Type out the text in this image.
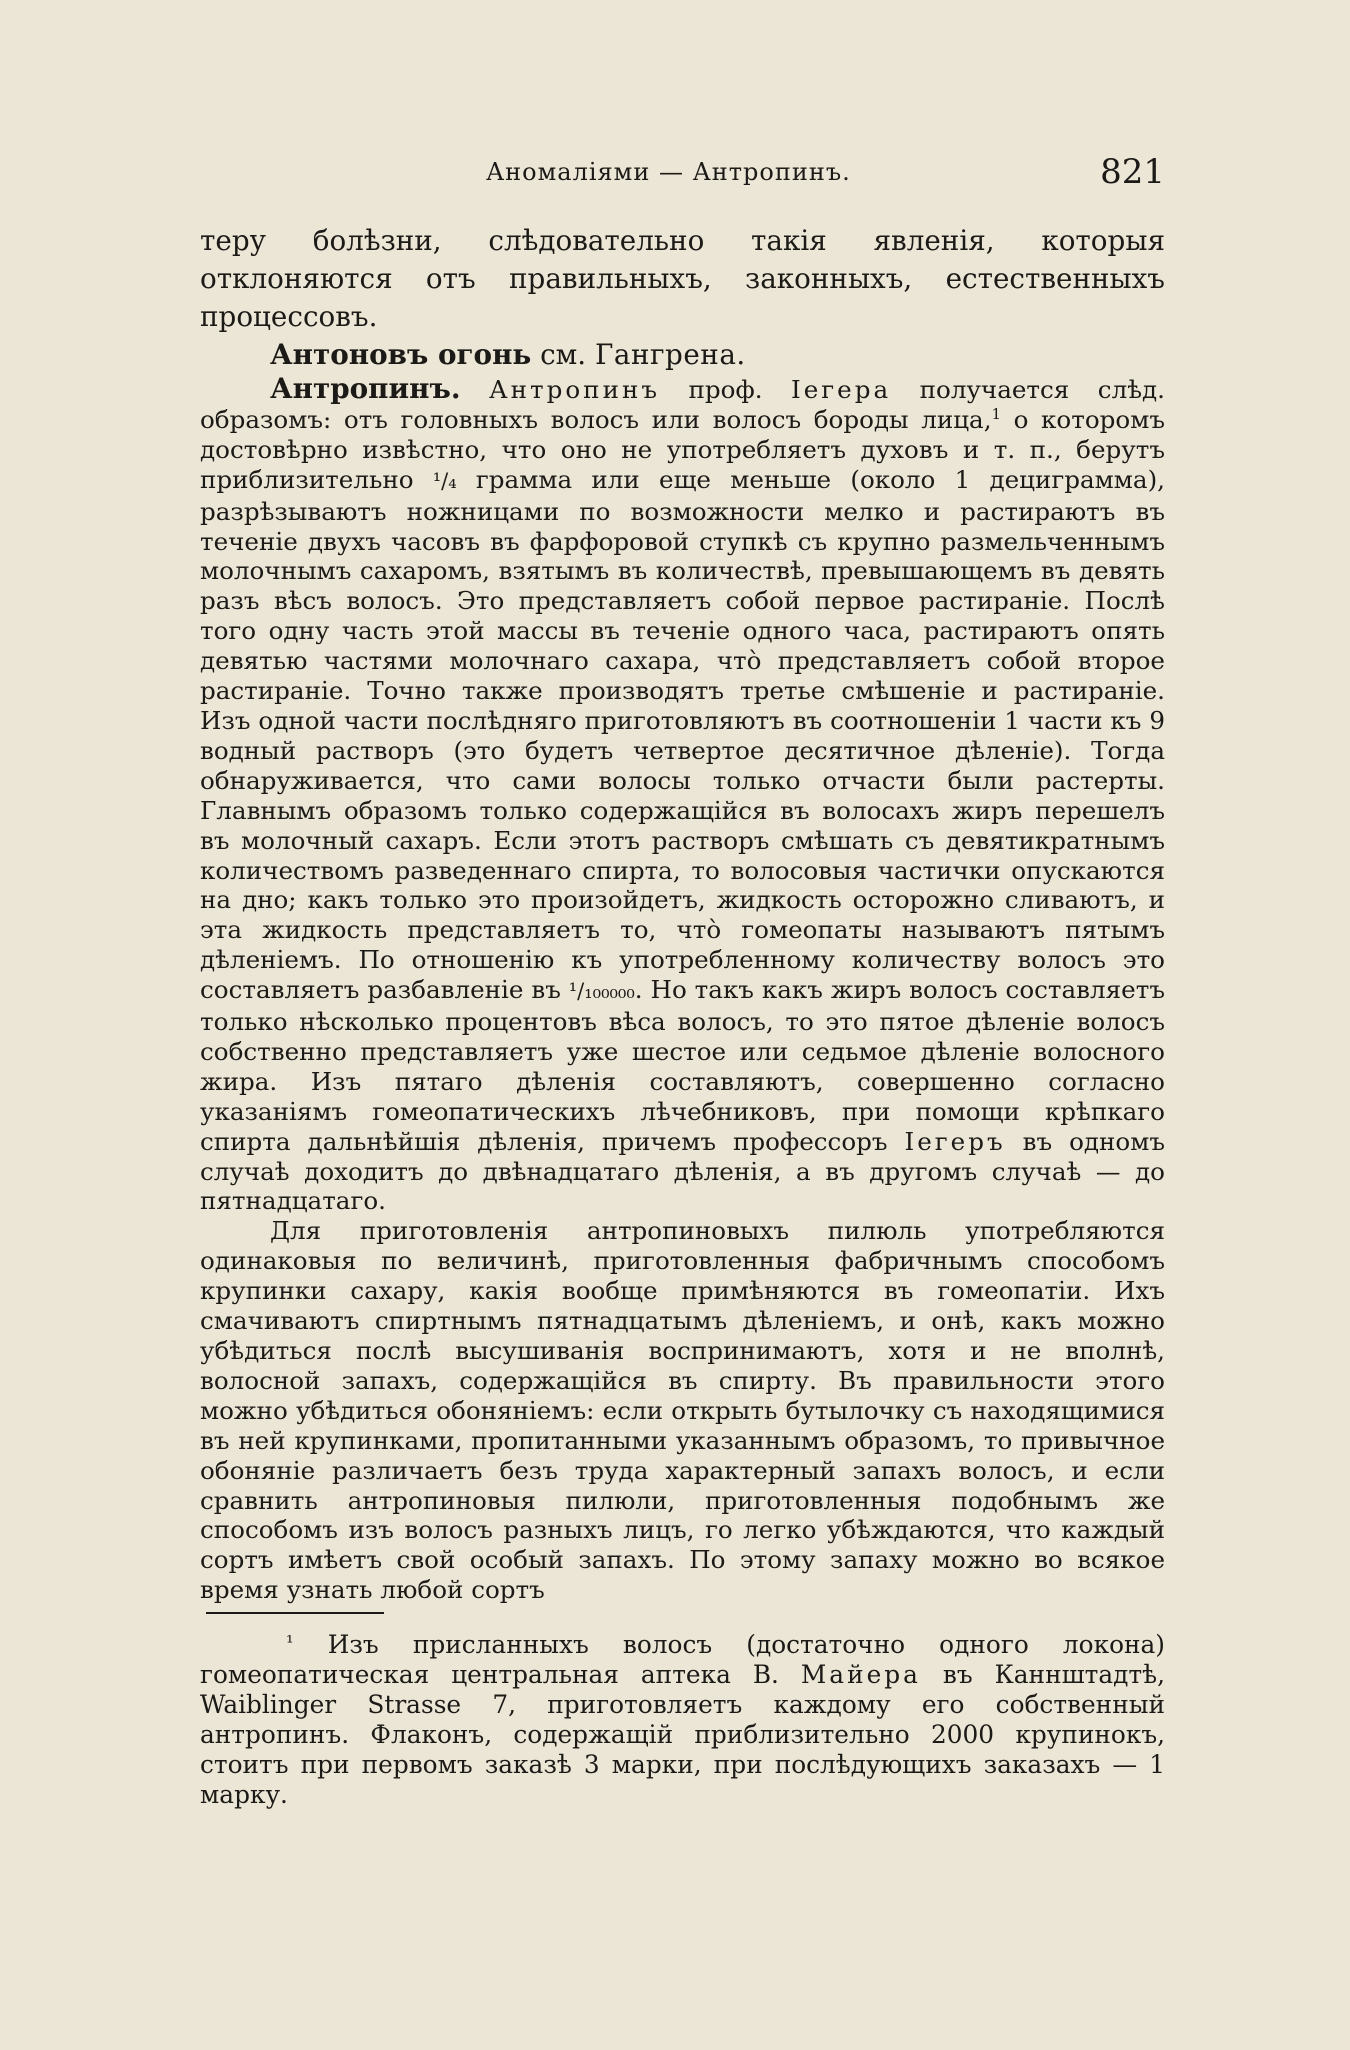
Аномаліями — Антропинъ.	821

теру болѣзни, слѣдовательно такія явленія, которыя отклоняются отъ правильныхъ, законныхъ, естественныхъ процессовъ.

Антоновъ огонь см. Гангрена.

Антропинъ. Антропинъ проф. Іегера получается слѣд. образомъ: отъ головныхъ волосъ или волосъ бороды лица,$^1$ о которомъ достовѣрно извѣстно, что оно не употребляетъ духовъ и т. п., берутъ приблизительно ¹/₄ грамма или еще меньше (около 1 дециграмма), разрѣзываютъ ножницами по возможности мелко и растираютъ въ теченіе двухъ часовъ въ фарфоровой ступкѣ съ крупно размельченнымъ молочнымъ сахаромъ, взятымъ въ количествѣ, превышающемъ въ девять разъ вѣсъ волосъ. Это представляетъ собой первое растираніе. Послѣ того одну часть этой массы въ теченіе одного часа, растираютъ опять девятью частями молочнаго сахара, что̀ представляетъ собой второе растираніе. Точно также производятъ третье смѣшеніе и растираніе. Изъ одной части послѣдняго приготовляютъ въ соотношеніи 1 части къ 9 водный растворъ (это будетъ четвертое десятичное дѣленіе). Тогда обнаруживается, что сами волосы только отчасти были растерты. Главнымъ образомъ только содержащійся въ волосахъ жиръ перешелъ въ молочный сахаръ. Если этотъ растворъ смѣшать съ девятикратнымъ количествомъ разведеннаго спирта, то волосовыя частички опускаются на дно; какъ только это произойдетъ, жидкость осторожно сливаютъ, и эта жидкость представляетъ то, что̀ гомеопаты называютъ пятымъ дѣленіемъ. По отношенію къ употребленному количеству волосъ это составляетъ разбавленіе въ ¹/₁₀₀₀₀₀. Но такъ какъ жиръ волосъ составляетъ только нѣсколько процентовъ вѣса волосъ, то это пятое дѣленіе волосъ собственно представляетъ уже шестое или седьмое дѣленіе волосного жира. Изъ пятаго дѣленія составляютъ, совершенно согласно указаніямъ гомеопатическихъ лѣчебниковъ, при помощи крѣпкаго спирта дальнѣйшія дѣленія, причемъ профессоръ Іегеръ въ одномъ случаѣ доходитъ до двѣнадцатаго дѣленія, а въ другомъ случаѣ — до пятнадцатаго.

Для приготовленія антропиновыхъ пилюль употребляются одинаковыя по величинѣ, приготовленныя фабричнымъ способомъ крупинки сахару, какія вообще примѣняются въ гомеопатіи. Ихъ смачиваютъ спиртнымъ пятнадцатымъ дѣленіемъ, и онѣ, какъ можно убѣдиться послѣ высушиванія воспринимаютъ, хотя и не вполнѣ, волосной запахъ, содержащійся въ спирту. Въ правильности этого можно убѣдиться обоняніемъ: если открыть бутылочку съ находящимися въ ней крупинками, пропитанными указаннымъ образомъ, то привычное обоняніе различаетъ безъ труда характерный запахъ волосъ, и если сравнить антропиновыя пилюли, приготовленныя подобнымъ же способомъ изъ волосъ разныхъ лицъ, го легко убѣждаются, что каждый сортъ имѣетъ свой особый запахъ. По этому запаху можно во всякое время узнать любой сортъ

¹ Изъ присланныхъ волосъ (достаточно одного локона) гомеопатическая центральная аптека В. Майера въ Каннштадтѣ, Waiblinger Strasse 7, приготовляетъ каждому его собственный антропинъ. Флаконъ, содержащій приблизительно 2000 крупинокъ, стоитъ при первомъ заказѣ 3 марки, при послѣдующихъ заказахъ — 1 марку.
